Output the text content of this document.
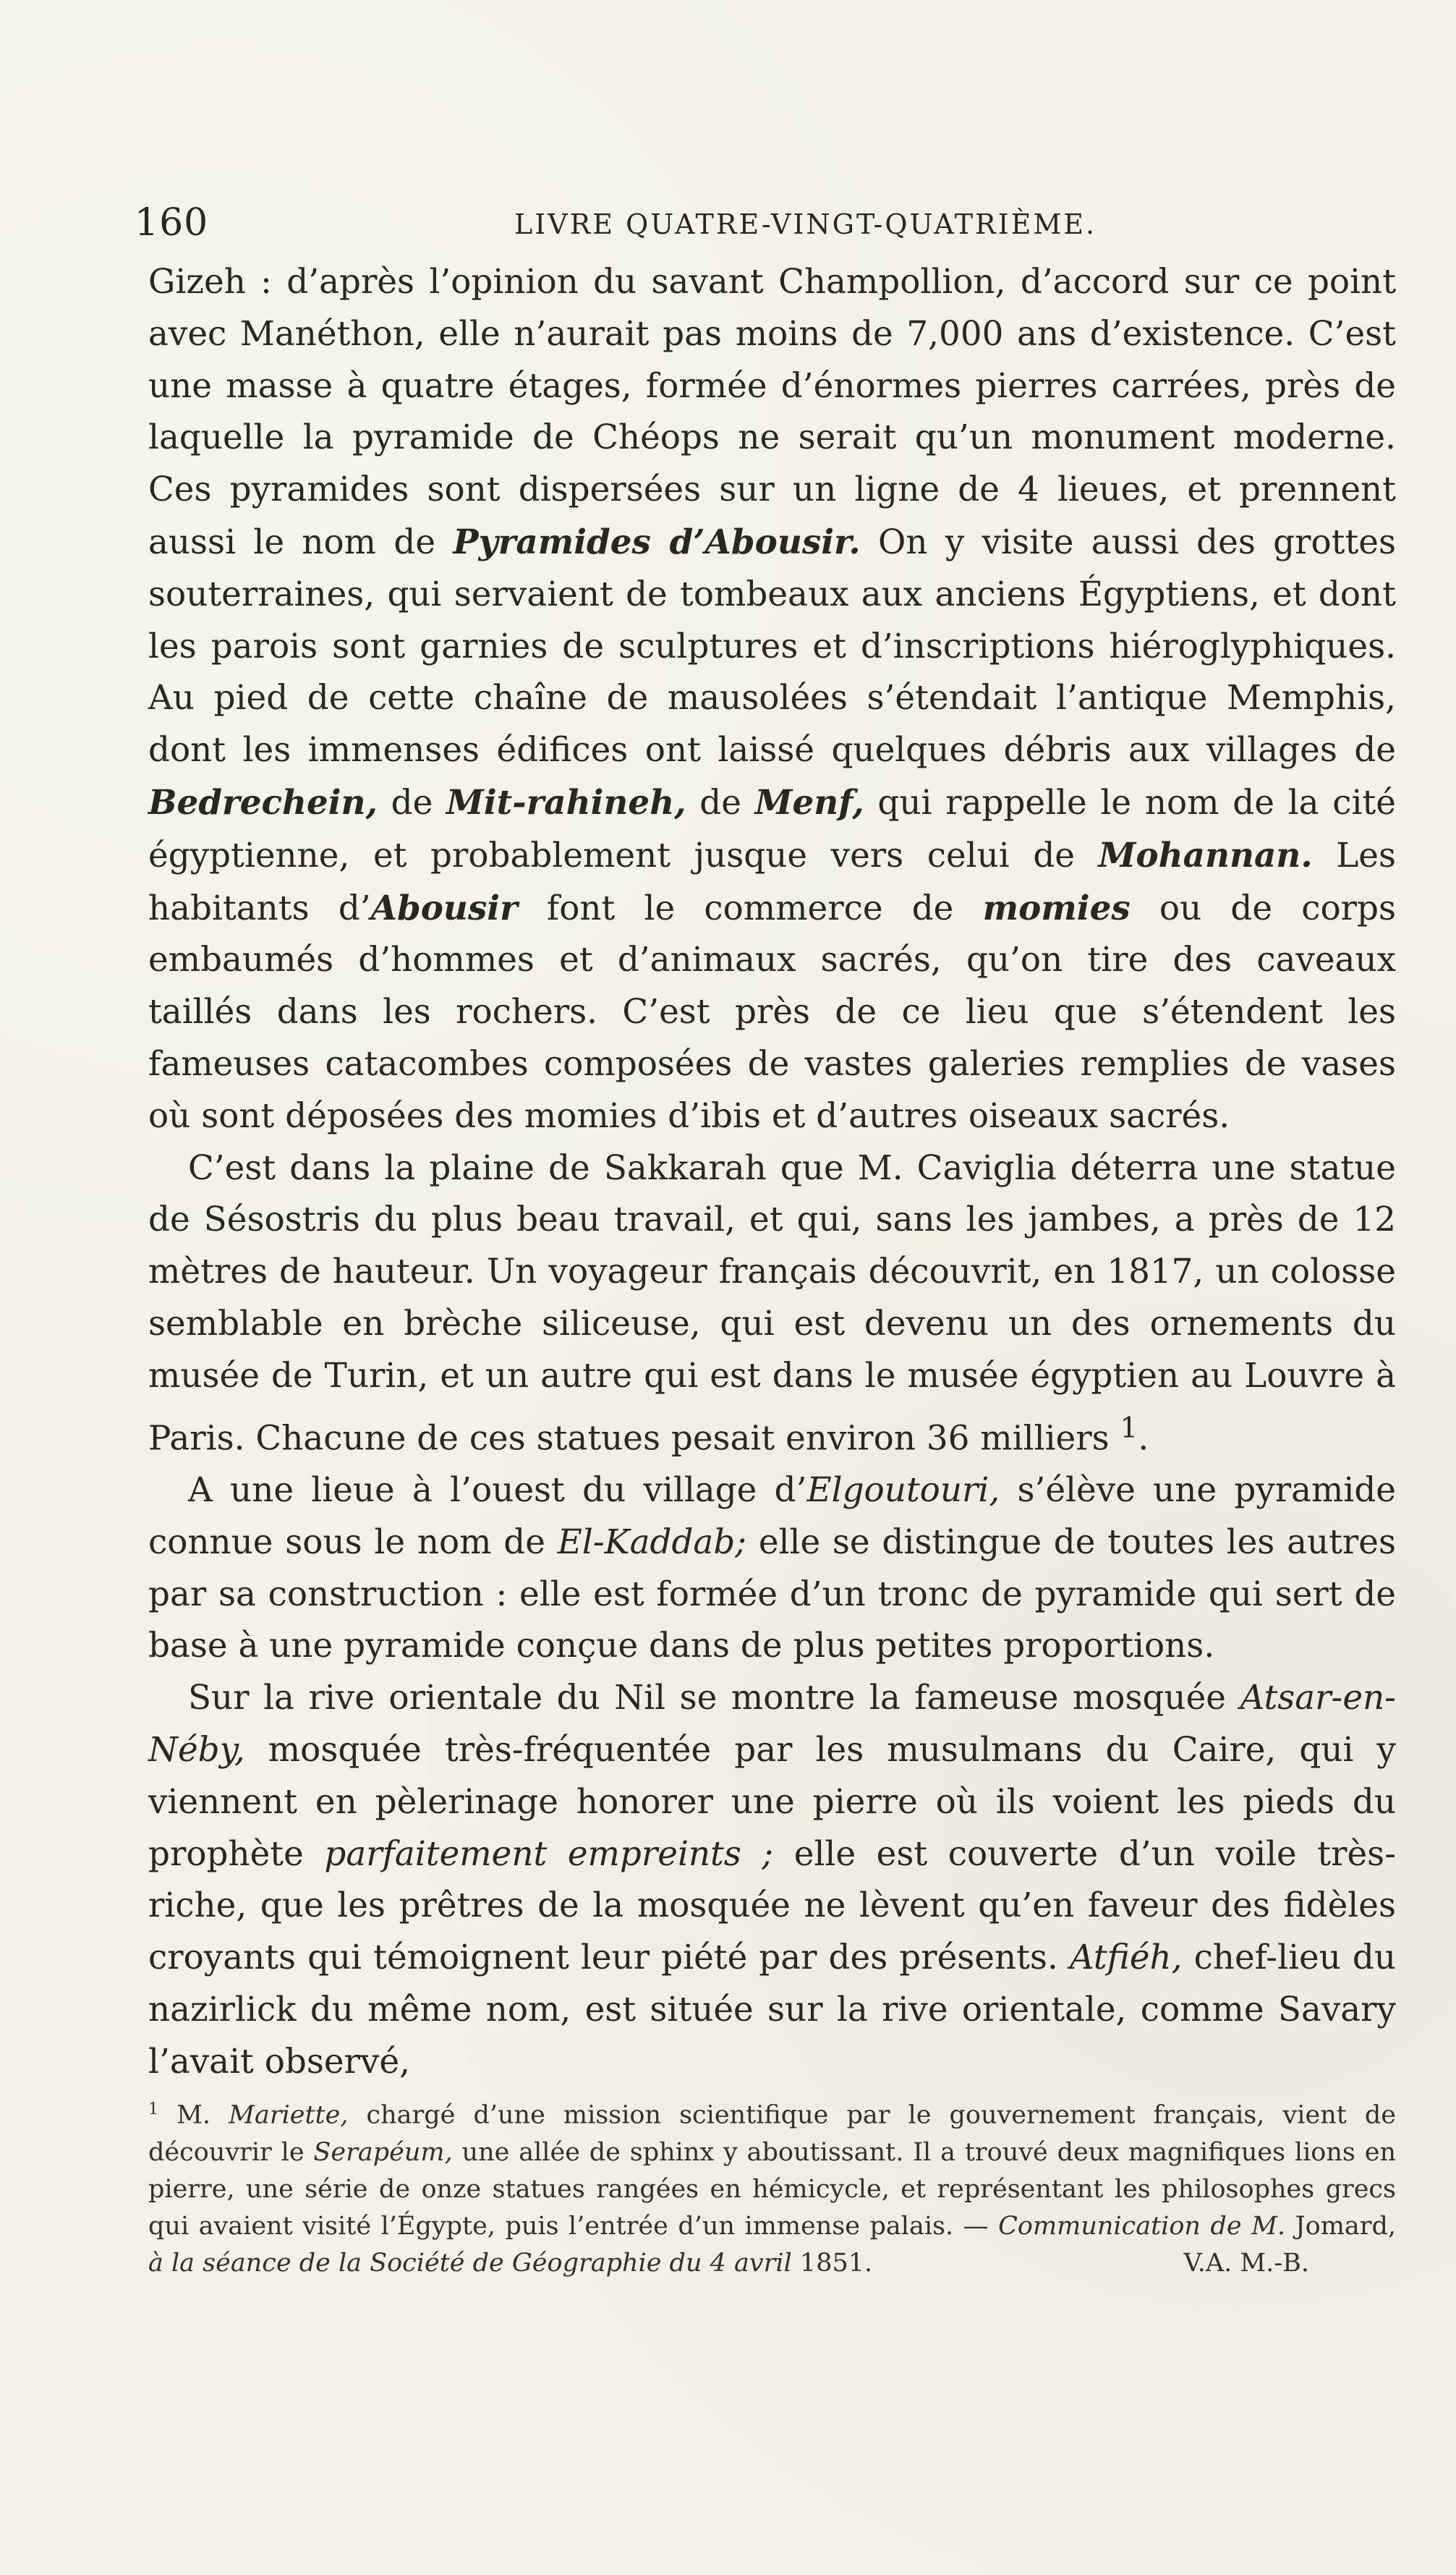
160	LIVRE QUATRE-VINGT-QUATRIÈME.

Gizeh : d’après l’opinion du savant Champollion, d’accord sur ce point avec Manéthon, elle n’aurait pas moins de 7,000 ans d’existence. C’est une masse à quatre étages, formée d’énormes pierres carrées, près de laquelle la pyramide de Chéops ne serait qu’un monument moderne. Ces pyramides sont dispersées sur un ligne de 4 lieues, et prennent aussi le nom de Pyramides d’Abousir. On y visite aussi des grottes souterraines, qui servaient de tombeaux aux anciens Égyptiens, et dont les parois sont garnies de sculptures et d’inscriptions hiéroglyphiques. Au pied de cette chaîne de mausolées s’étendait l’antique Memphis, dont les immenses édifices ont laissé quelques débris aux villages de Bedrechein, de Mit-rahineh, de Menf, qui rappelle le nom de la cité égyptienne, et probablement jusque vers celui de Mohannan. Les habitants d’Abousir font le commerce de momies ou de corps embaumés d’hommes et d’animaux sacrés, qu’on tire des caveaux taillés dans les rochers. C’est près de ce lieu que s’étendent les fameuses catacombes composées de vastes galeries remplies de vases où sont déposées des momies d’ibis et d’autres oiseaux sacrés.

C’est dans la plaine de Sakkarah que M. Caviglia déterra une statue de Sésostris du plus beau travail, et qui, sans les jambes, a près de 12 mètres de hauteur. Un voyageur français découvrit, en 1817, un colosse semblable en brèche siliceuse, qui est devenu un des ornements du musée de Turin, et un autre qui est dans le musée égyptien au Louvre à Paris. Chacune de ces statues pesait environ 36 milliers $^1$.

A une lieue à l’ouest du village d’Elgoutouri, s’élève une pyramide connue sous le nom de El-Kaddab; elle se distingue de toutes les autres par sa construction : elle est formée d’un tronc de pyramide qui sert de base à une pyramide conçue dans de plus petites proportions.

Sur la rive orientale du Nil se montre la fameuse mosquée Atsar-en-Néby, mosquée très-fréquentée par les musulmans du Caire, qui y viennent en pèlerinage honorer une pierre où ils voient les pieds du prophète parfaitement empreints ; elle est couverte d’un voile très-riche, que les prêtres de la mosquée ne lèvent qu’en faveur des fidèles croyants qui témoignent leur piété par des présents. Atfiéh, chef-lieu du nazirlick du même nom, est située sur la rive orientale, comme Savary l’avait observé,

$^1$ M. Mariette, chargé d’une mission scientifique par le gouvernement français, vient de découvrir le Serapéum, une allée de sphinx y aboutissant. Il a trouvé deux magnifiques lions en pierre, une série de onze statues rangées en hémicycle, et représentant les philosophes grecs qui avaient visité l’Égypte, puis l’entrée d’un immense palais. — Communication de M. Jomard, à la séance de la Société de Géographie du 4 avril 1851.	V.A. M.-B.
